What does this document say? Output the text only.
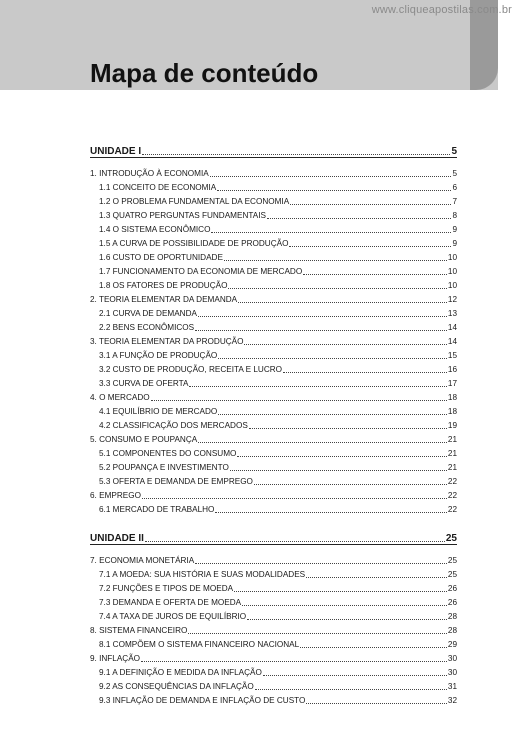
www.cliqueapostilas.com.br
Mapa de conteúdo
UNIDADE I	5
1. INTRODUÇÃO À ECONOMIA	5
1.1 CONCEITO DE ECONOMIA	6
1.2 O PROBLEMA FUNDAMENTAL DA ECONOMIA	7
1.3 QUATRO PERGUNTAS FUNDAMENTAIS	8
1.4 O SISTEMA ECONÔMICO	9
1.5 A CURVA DE POSSIBILIDADE DE PRODUÇÃO	9
1.6 CUSTO DE OPORTUNIDADE	10
1.7 FUNCIONAMENTO DA ECONOMIA DE MERCADO	10
1.8 OS FATORES DE PRODUÇÃO	10
2. TEORIA ELEMENTAR DA DEMANDA	12
2.1 CURVA DE DEMANDA	13
2.2 BENS ECONÔMICOS	14
3. TEORIA ELEMENTAR DA PRODUÇÃO	14
3.1 A FUNÇÃO DE PRODUÇÃO	15
3.2 CUSTO DE PRODUÇÃO, RECEITA E LUCRO	16
3.3 CURVA DE OFERTA	17
4. O MERCADO	18
4.1 EQUILÍBRIO DE MERCADO	18
4.2 CLASSIFICAÇÃO DOS MERCADOS	19
5. CONSUMO E POUPANÇA	21
5.1 COMPONENTES DO CONSUMO	21
5.2 POUPANÇA E INVESTIMENTO	21
5.3 OFERTA E DEMANDA DE EMPREGO	22
6. EMPREGO	22
6.1 MERCADO DE TRABALHO	22
UNIDADE II	25
7. ECONOMIA MONETÁRIA	25
7.1 A MOEDA: SUA HISTÓRIA E SUAS MODALIDADES	25
7.2 FUNÇÕES E TIPOS DE MOEDA	26
7.3 DEMANDA E OFERTA DE MOEDA	26
7.4 A TAXA DE JUROS DE EQUILÍBRIO	28
8. SISTEMA FINANCEIRO	28
8.1 COMPÕEM O SISTEMA FINANCEIRO NACIONAL	29
9. INFLAÇÃO	30
9.1 A DEFINIÇÃO E MEDIDA DA INFLAÇÃO	30
9.2 AS CONSEQUÊNCIAS DA INFLAÇÃO	31
9.3 INFLAÇÃO DE DEMANDA E INFLAÇÃO DE CUSTO	32
